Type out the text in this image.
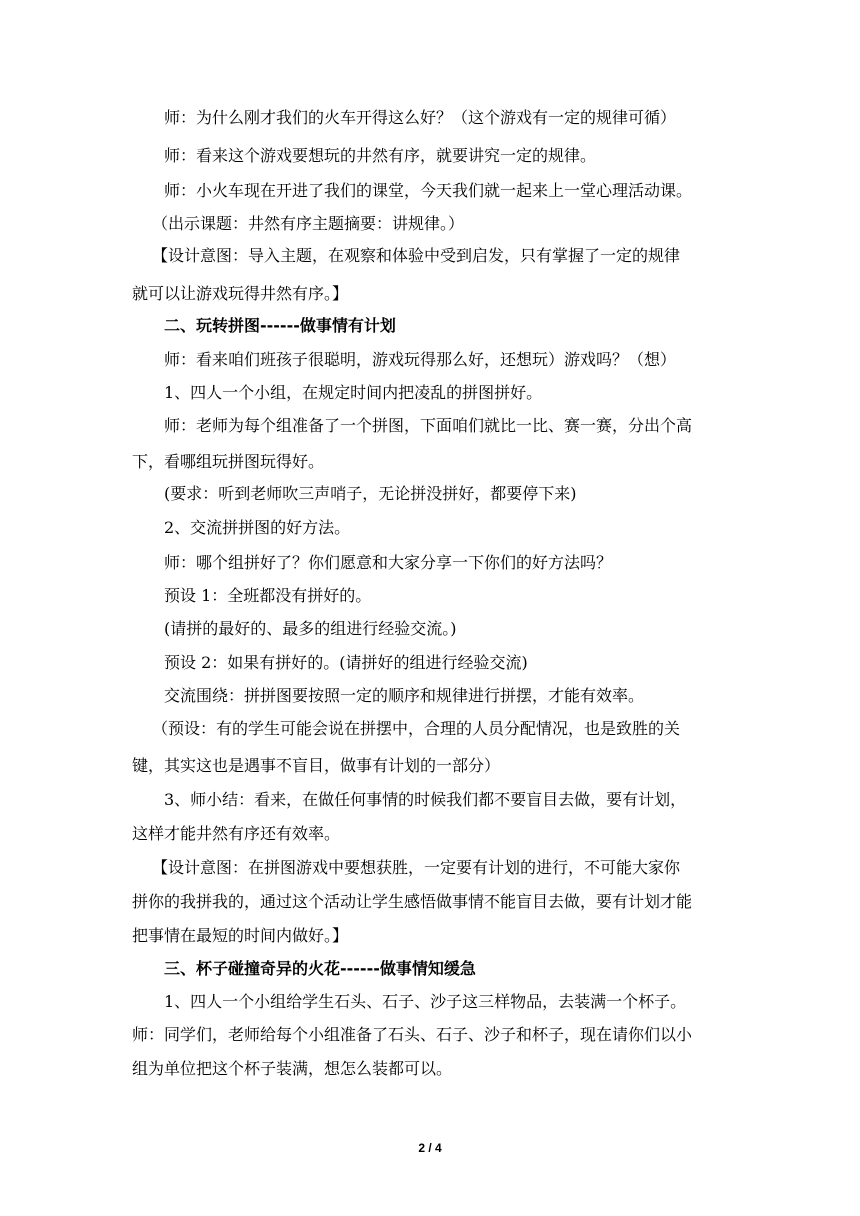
师：为什么刚才我们的火车开得这么好？（这个游戏有一定的规律可循）
师：看来这个游戏要想玩的井然有序，就要讲究一定的规律。
师：小火车现在开进了我们的课堂，今天我们就一起来上一堂心理活动课。
（出示课题：井然有序主题摘要：讲规律。）
【设计意图：导入主题，在观察和体验中受到启发，只有掌握了一定的规律
就可以让游戏玩得井然有序。】
二、玩转拼图------做事情有计划
师：看来咱们班孩子很聪明，游戏玩得那么好，还想玩）游戏吗？（想）
1、四人一个小组，在规定时间内把凌乱的拼图拼好。
师：老师为每个组准备了一个拼图，下面咱们就比一比、赛一赛，分出个高
下，看哪组玩拼图玩得好。
(要求：听到老师吹三声哨子，无论拼没拼好，都要停下来)
2、交流拼拼图的好方法。
师：哪个组拼好了？你们愿意和大家分享一下你们的好方法吗？
预设 1：全班都没有拼好的。
(请拼的最好的、最多的组进行经验交流。)
预设 2：如果有拼好的。(请拼好的组进行经验交流)
交流围绕：拼拼图要按照一定的顺序和规律进行拼摆，才能有效率。
（预设：有的学生可能会说在拼摆中，合理的人员分配情况，也是致胜的关
键，其实这也是遇事不盲目，做事有计划的一部分）
3、师小结：看来，在做任何事情的时候我们都不要盲目去做，要有计划，
这样才能井然有序还有效率。
【设计意图：在拼图游戏中要想获胜，一定要有计划的进行，不可能大家你
拼你的我拼我的，通过这个活动让学生感悟做事情不能盲目去做，要有计划才能
把事情在最短的时间内做好。】
三、杯子碰撞奇异的火花------做事情知缓急
1、四人一个小组给学生石头、石子、沙子这三样物品，去装满一个杯子。
师：同学们，老师给每个小组准备了石头、石子、沙子和杯子，现在请你们以小
组为单位把这个杯子装满，想怎么装都可以。
2 / 4
